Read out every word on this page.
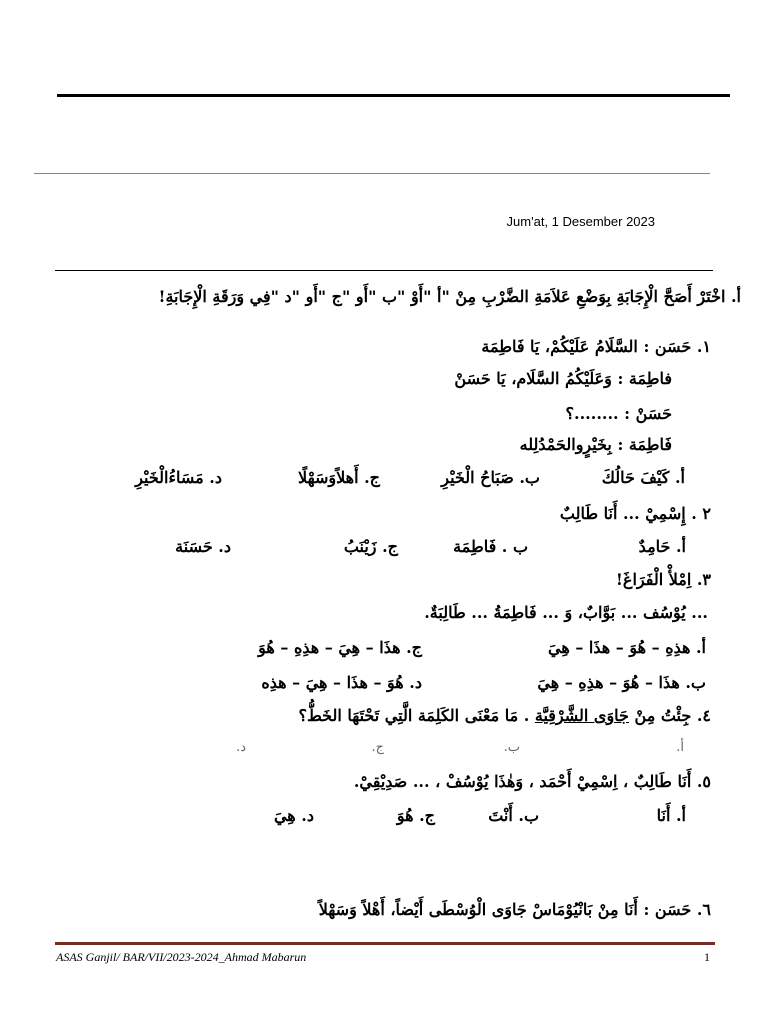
Jum'at, 1 Desember 2023
أ. اخْتَرْ أَصَحَّ الْإِجَابَةِ بِوَضْعِ عَلاَمَةِ الضَّرْبِ مِنْ "أ "أَوْ "ب "أَو "ج "أَو "د "فِي وَرَقَةِ الْإِجَابَةِ!
١. حَسَن : السَّلَامُ عَلَيْكُمْ، يَا فَاطِمَة
فاطِمَة : وَعَلَيْكُمُ السَّلَام، يَا حَسَنْ
حَسَنْ : ........؟
فَاطِمَة : بِخَيْرٍوالحَمْدُلِله
أ. كَيْفَ حَالُكَ
ب. صَبَاحُ الْخَيْرِ
ج. أَهلاًوَسَهْلًا
د. مَسَاءُالْخَيْرِ
٢ . إِسْمِيْ ... أَنَا طَالِبٌ
أ. حَامِدٌ
ب . فَاطِمَة
ج. زَيْنَبُ
د. حَسَنَة
٣. اِمْلأْ الْفَرَاغَ!
... يُوْسُف ... بَوَّابٌ، وَ ... فَاطِمَةُ ... طَالِبَةٌ.
أ. هذِهِ – هُوَ – هذَا – هِيَ
ج. هذَا – هِيَ – هذِهِ – هُوَ
ب. هذَا – هُوَ – هذِهِ – هِيَ
د. هُوَ – هذَا – هِيَ – هذِه
٤. جِئْتُ مِنْ جَاوَى الشَّرْقِيَّة . مَا مَعْنَى الكَلِمَة الَّتِي تَحْتَهَا الخَطُّ؟
أ.
ب.
ج.
د.
٥. أَنَا طَالِبٌ ، اِسْمِيْ أَحْمَد ، وَهٰذَا يُوْسُفْ ، ... صَدِيْقِيْ.
أ. أَنَا
ب. أَنْتَ
ج. هُوَ
د. هِيَ
٦. حَسَن : أَنَا مِنْ بَانْيُوْمَاسْ جَاوَى الْوُسْطَى أَيْضاً، أَهْلاً وَسَهْلاً
ASAS Ganjil/ BAR/VII/2023-2024_Ahmad Mabarun	1
